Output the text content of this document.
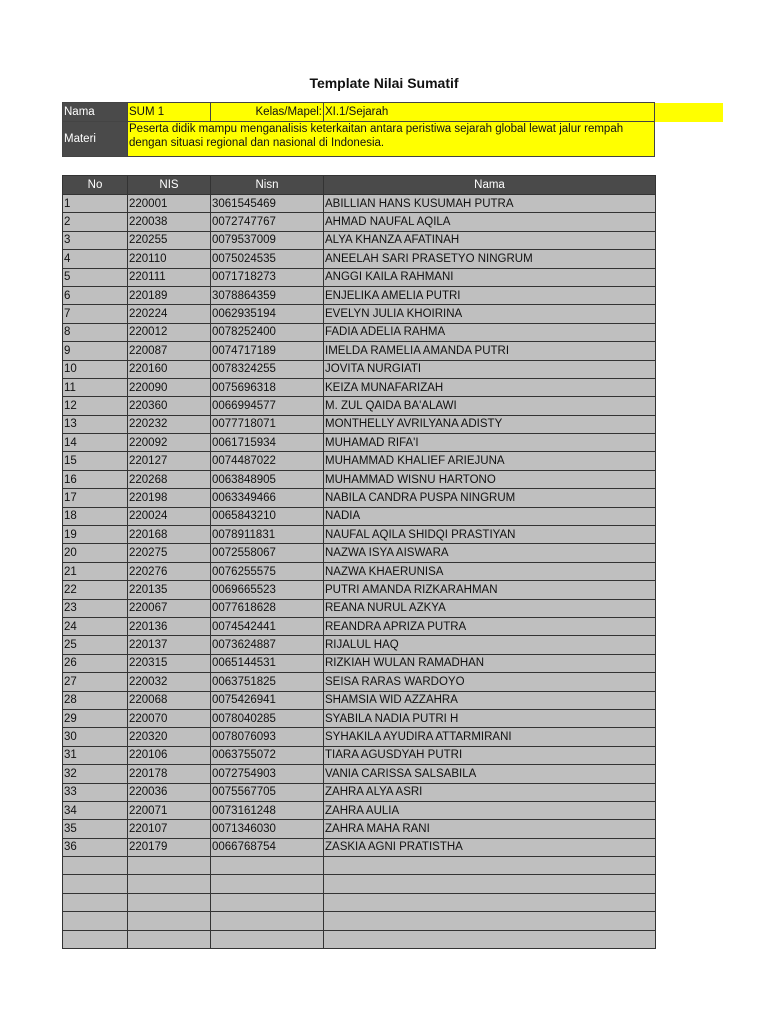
Template Nilai Sumatif
Nama	SUM 1	Kelas/Mapel:	XI.1/Sejarah	
Materi	Peserta didik mampu menganalisis keterkaitan antara peristiwa sejarah global lewat jalur rempah dengan situasi regional dan nasional di Indonesia.			

No	NIS	Nisn	Nama
1	220001	3061545469	ABILLIAN HANS KUSUMAH PUTRA
2	220038	0072747767	AHMAD NAUFAL AQILA
3	220255	0079537009	ALYA KHANZA AFATINAH
4	220110	0075024535	ANEELAH SARI PRASETYO NINGRUM
5	220111	0071718273	ANGGI KAILA RAHMANI
6	220189	3078864359	ENJELIKA AMELIA PUTRI
7	220224	0062935194	EVELYN JULIA KHOIRINA
8	220012	0078252400	FADIA ADELIA RAHMA
9	220087	0074717189	IMELDA RAMELIA AMANDA PUTRI
10	220160	0078324255	JOVITA NURGIATI
11	220090	0075696318	KEIZA MUNAFARIZAH
12	220360	0066994577	M. ZUL QAIDA BA'ALAWI
13	220232	0077718071	MONTHELLY AVRILYANA ADISTY
14	220092	0061715934	MUHAMAD RIFA'I
15	220127	0074487022	MUHAMMAD KHALIEF ARIEJUNA
16	220268	0063848905	MUHAMMAD WISNU HARTONO
17	220198	0063349466	NABILA CANDRA PUSPA NINGRUM
18	220024	0065843210	NADIA
19	220168	0078911831	NAUFAL AQILA SHIDQI PRASTIYAN
20	220275	0072558067	NAZWA ISYA AISWARA
21	220276	0076255575	NAZWA KHAERUNISA
22	220135	0069665523	PUTRI AMANDA RIZKARAHMAN
23	220067	0077618628	REANA NURUL AZKYA
24	220136	0074542441	REANDRA APRIZA PUTRA
25	220137	0073624887	RIJALUL HAQ
26	220315	0065144531	RIZKIAH WULAN RAMADHAN
27	220032	0063751825	SEISA RARAS WARDOYO
28	220068	0075426941	SHAMSIA WID AZZAHRA
29	220070	0078040285	SYABILA NADIA PUTRI H
30	220320	0078076093	SYHAKILA AYUDIRA ATTARMIRANI
31	220106	0063755072	TIARA AGUSDYAH PUTRI
32	220178	0072754903	VANIA CARISSA SALSABILA
33	220036	0075567705	ZAHRA ALYA ASRI
34	220071	0073161248	ZAHRA AULIA
35	220107	0071346030	ZAHRA MAHA RANI
36	220179	0066768754	ZASKIA AGNI PRATISTHA
